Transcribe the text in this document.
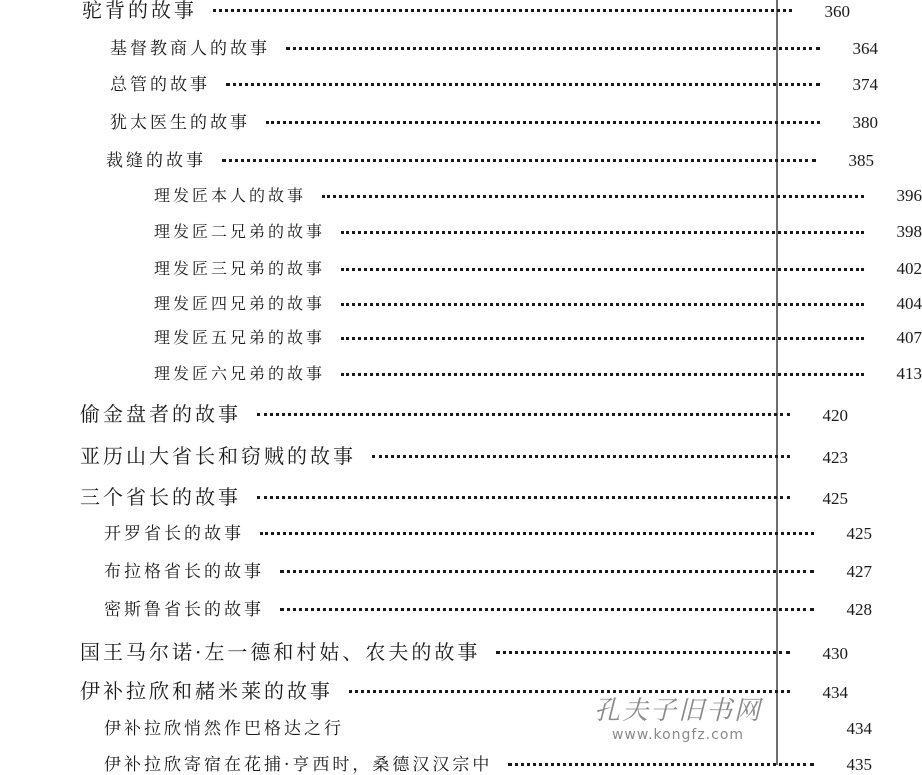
驼背的故事	360
基督教商人的故事	364
总管的故事	374
犹太医生的故事	380
裁缝的故事	385
理发匠本人的故事	396
理发匠二兄弟的故事	398
理发匠三兄弟的故事	402
理发匠四兄弟的故事	404
理发匠五兄弟的故事	407
理发匠六兄弟的故事	413
偷金盘者的故事	420
亚历山大省长和窃贼的故事	423
三个省长的故事	425
开罗省长的故事	425
布拉格省长的故事	427
密斯鲁省长的故事	428
国王马尔诺·左一德和村姑、农夫的故事	430
伊补拉欣和赭米莱的故事	434
伊补拉欣悄然作巴格达之行	434
伊补拉欣寄宿在花捕·亨西时，桑德汉汉宗中	435
孔夫子旧书网
www.kongfz.com
